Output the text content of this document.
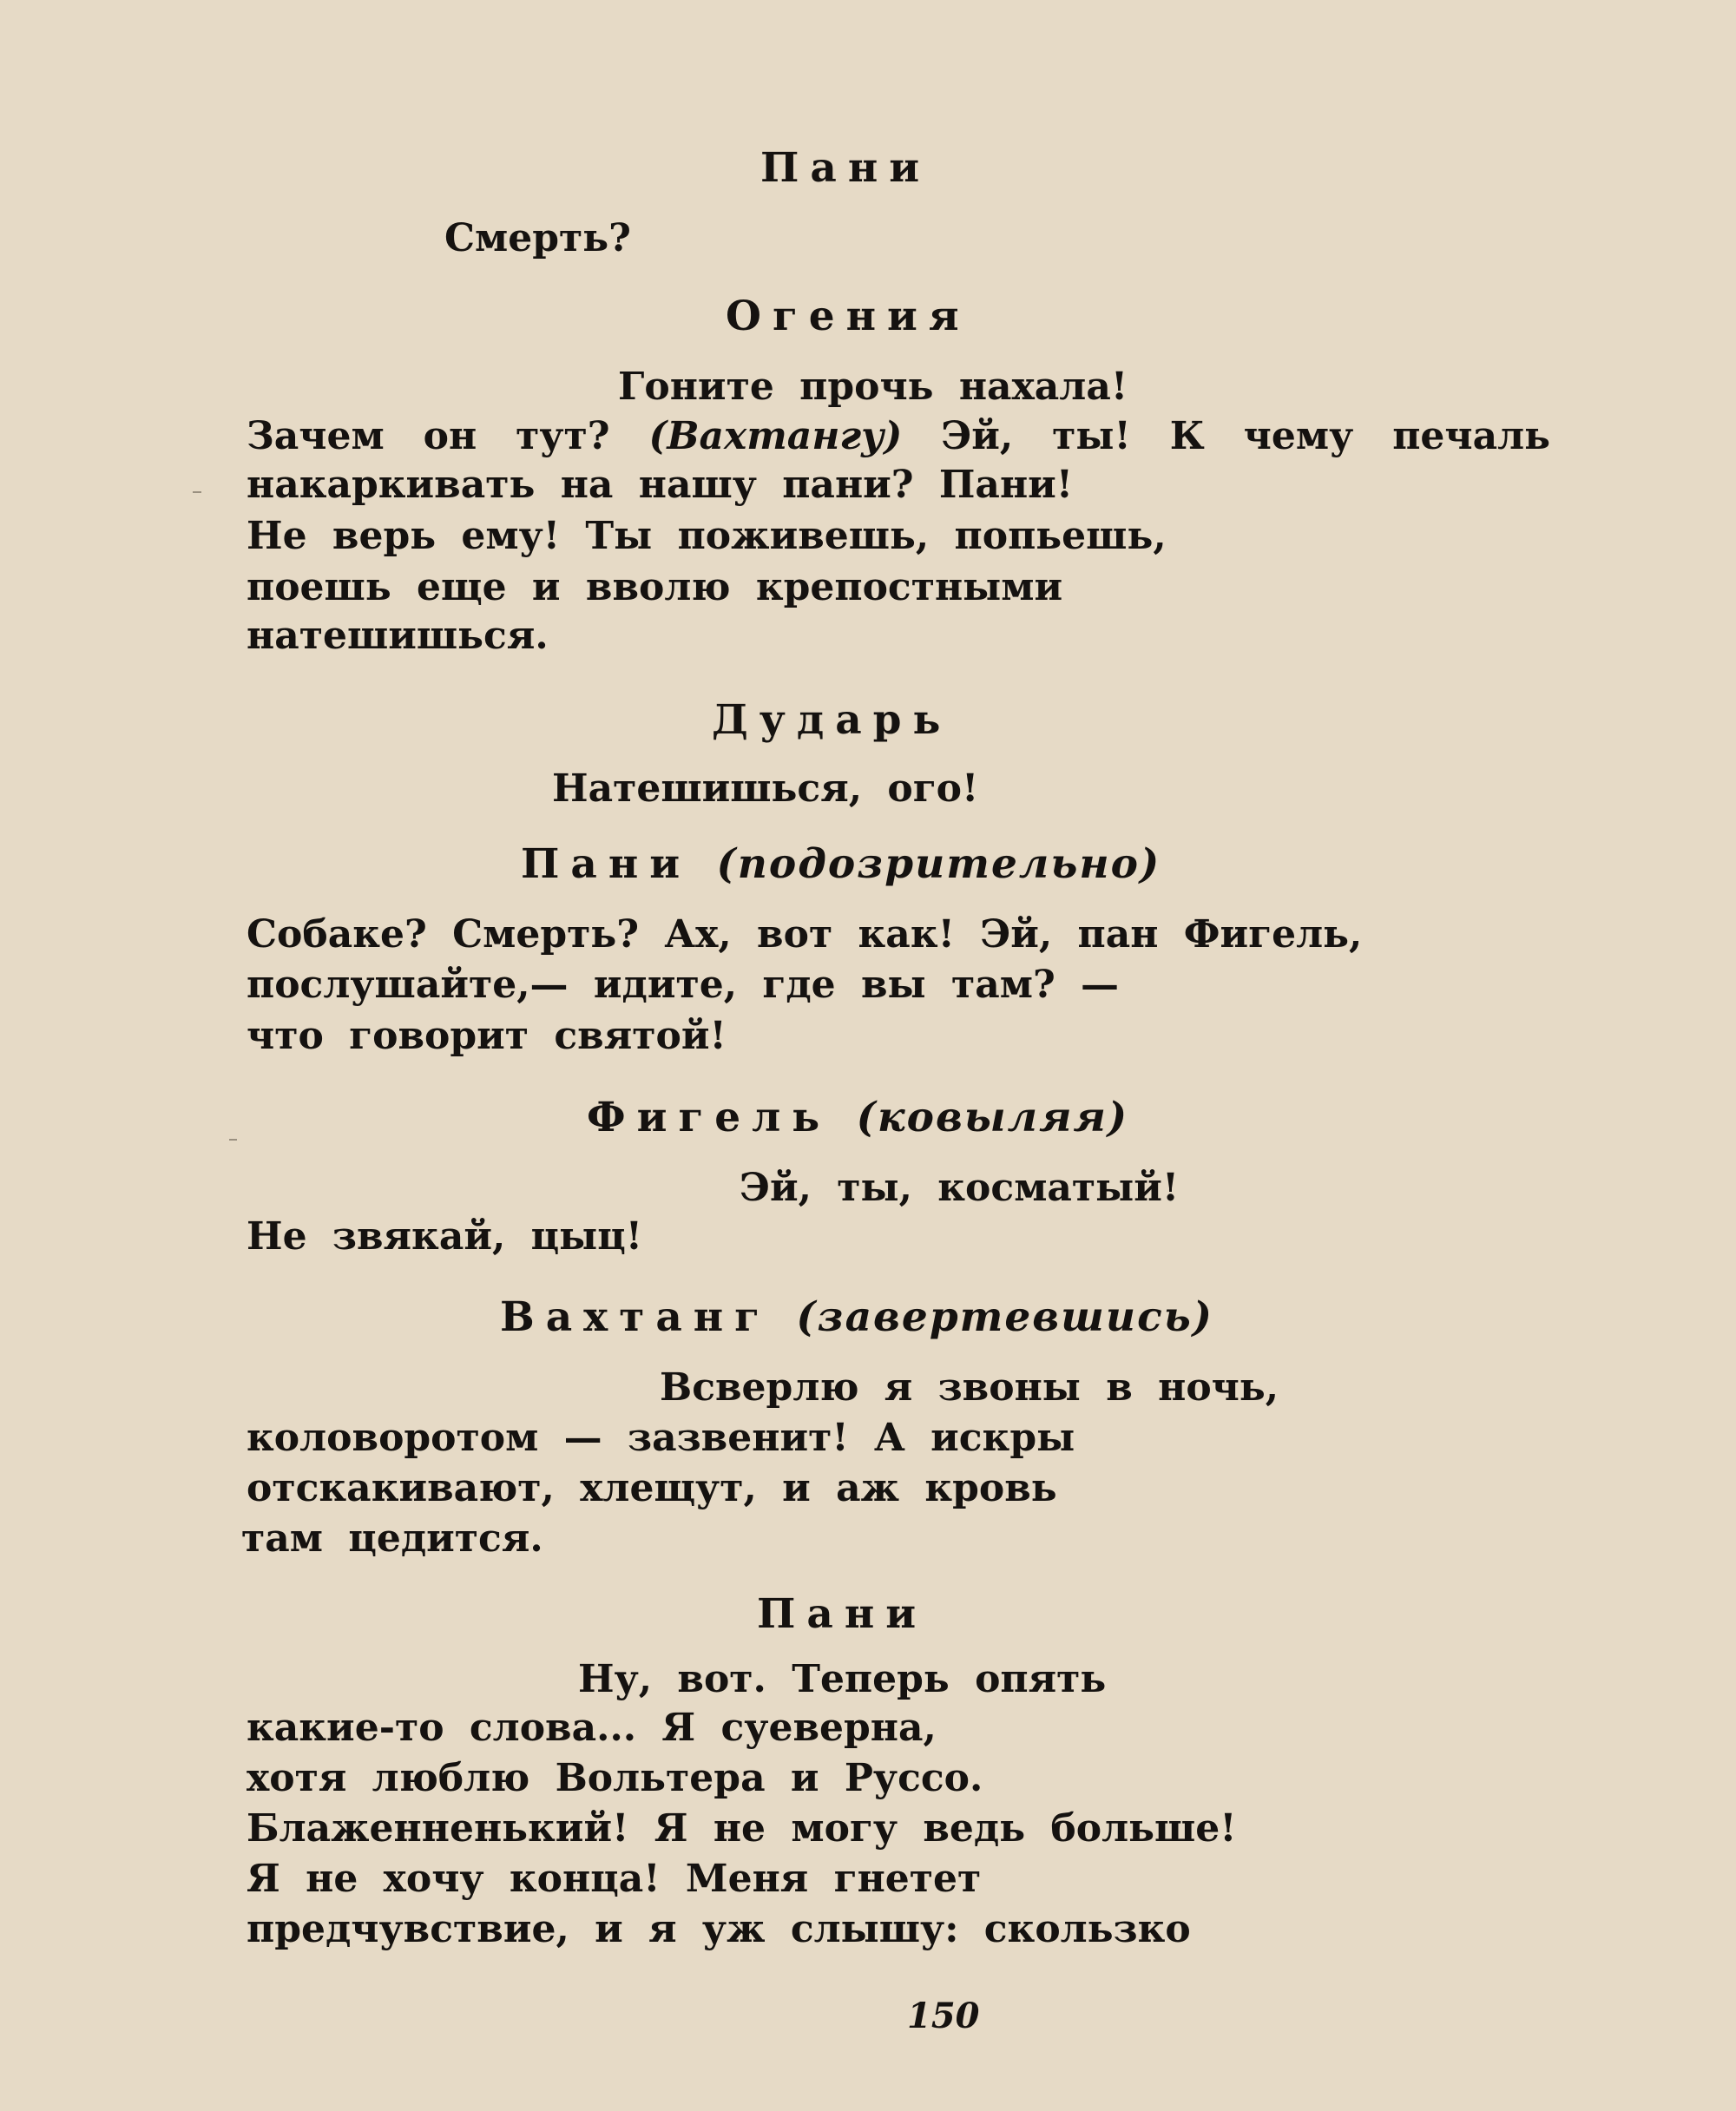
Пани
Смерть?
Огения
Гоните прочь нахала!
Зачем он тут? (Вахтангу) Эй, ты! К чему печаль
накаркивать на нашу пани? Пани!
Не верь ему! Ты поживешь, попьешь,
поешь еще и вволю крепостными
натешишься.
Дударь
Натешишься, ого!
Пани (подозрительно)
Собаке? Смерть? Ах, вот как! Эй, пан Фигель,
послушайте,— идите, где вы там? —
что говорит святой!
Фигель (ковыляя)
Эй, ты, косматый!
Не звякай, цыц!
Вахтанг (завертевшись)
Всверлю я звоны в ночь,
коловоротом — зазвенит! А искры
отскакивают, хлещут, и аж кровь
там цедится.
Пани
Ну, вот. Теперь опять
какие-то слова... Я суеверна,
хотя люблю Вольтера и Руссо.
Блаженненький! Я не могу ведь больше!
Я не хочу конца! Меня гнетет
предчувствие, и я уж слышу: скользко
150
